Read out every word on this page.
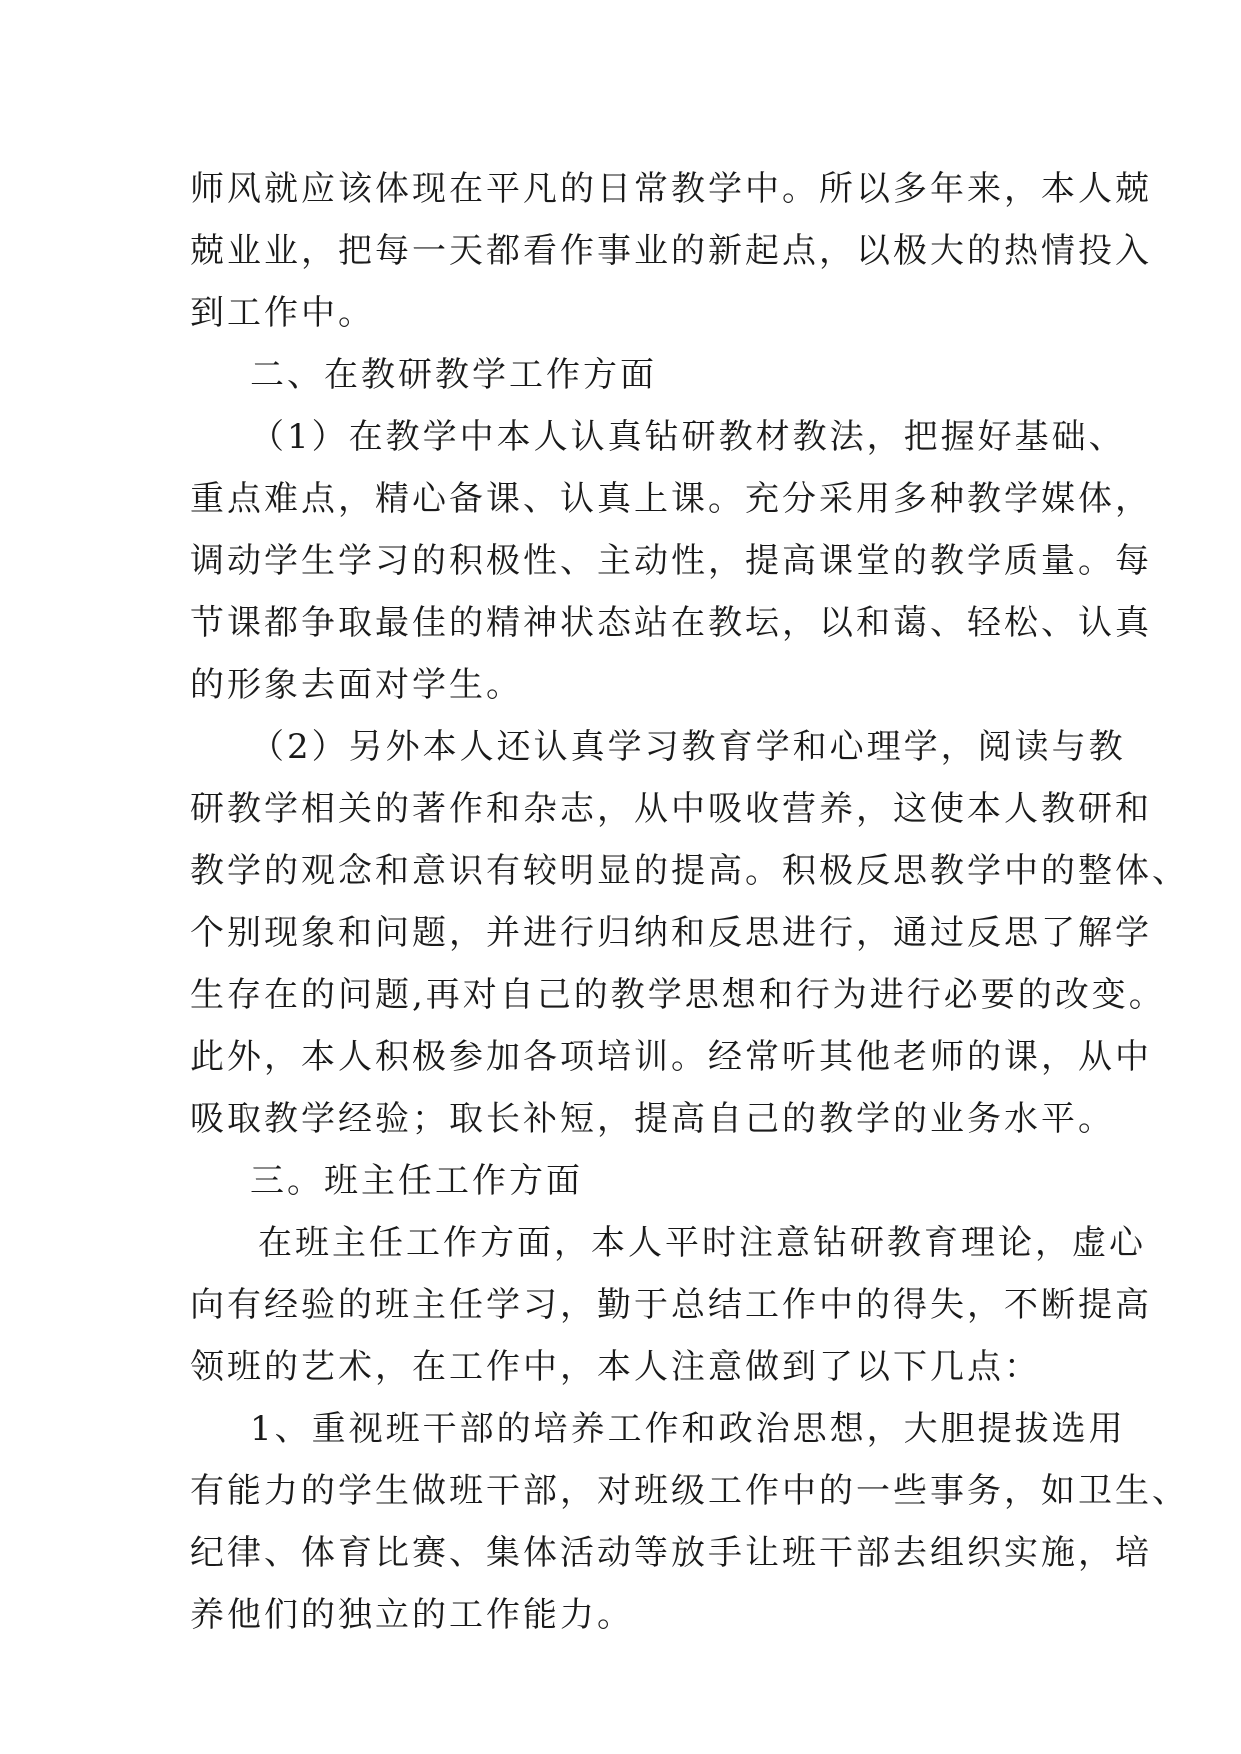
师风就应该体现在平凡的日常教学中。所以多年来，本人兢
兢业业，把每一天都看作事业的新起点，以极大的热情投入
到工作中。
二、在教研教学工作方面
（1）在教学中本人认真钻研教材教法，把握好基础、
重点难点，精心备课、认真上课。充分采用多种教学媒体，
调动学生学习的积极性、主动性，提高课堂的教学质量。每
节课都争取最佳的精神状态站在教坛，以和蔼、轻松、认真
的形象去面对学生。
（2）另外本人还认真学习教育学和心理学，阅读与教
研教学相关的著作和杂志，从中吸收营养，这使本人教研和
教学的观念和意识有较明显的提高。积极反思教学中的整体、
个别现象和问题，并进行归纳和反思进行，通过反思了解学
生存在的问题,再对自己的教学思想和行为进行必要的改变。
此外，本人积极参加各项培训。经常听其他老师的课，从中
吸取教学经验；取长补短，提高自己的教学的业务水平。
三。班主任工作方面
在班主任工作方面，本人平时注意钻研教育理论，虚心
向有经验的班主任学习，勤于总结工作中的得失，不断提高
领班的艺术，在工作中，本人注意做到了以下几点：
1、重视班干部的培养工作和政治思想，大胆提拔选用
有能力的学生做班干部，对班级工作中的一些事务，如卫生、
纪律、体育比赛、集体活动等放手让班干部去组织实施，培
养他们的独立的工作能力。
